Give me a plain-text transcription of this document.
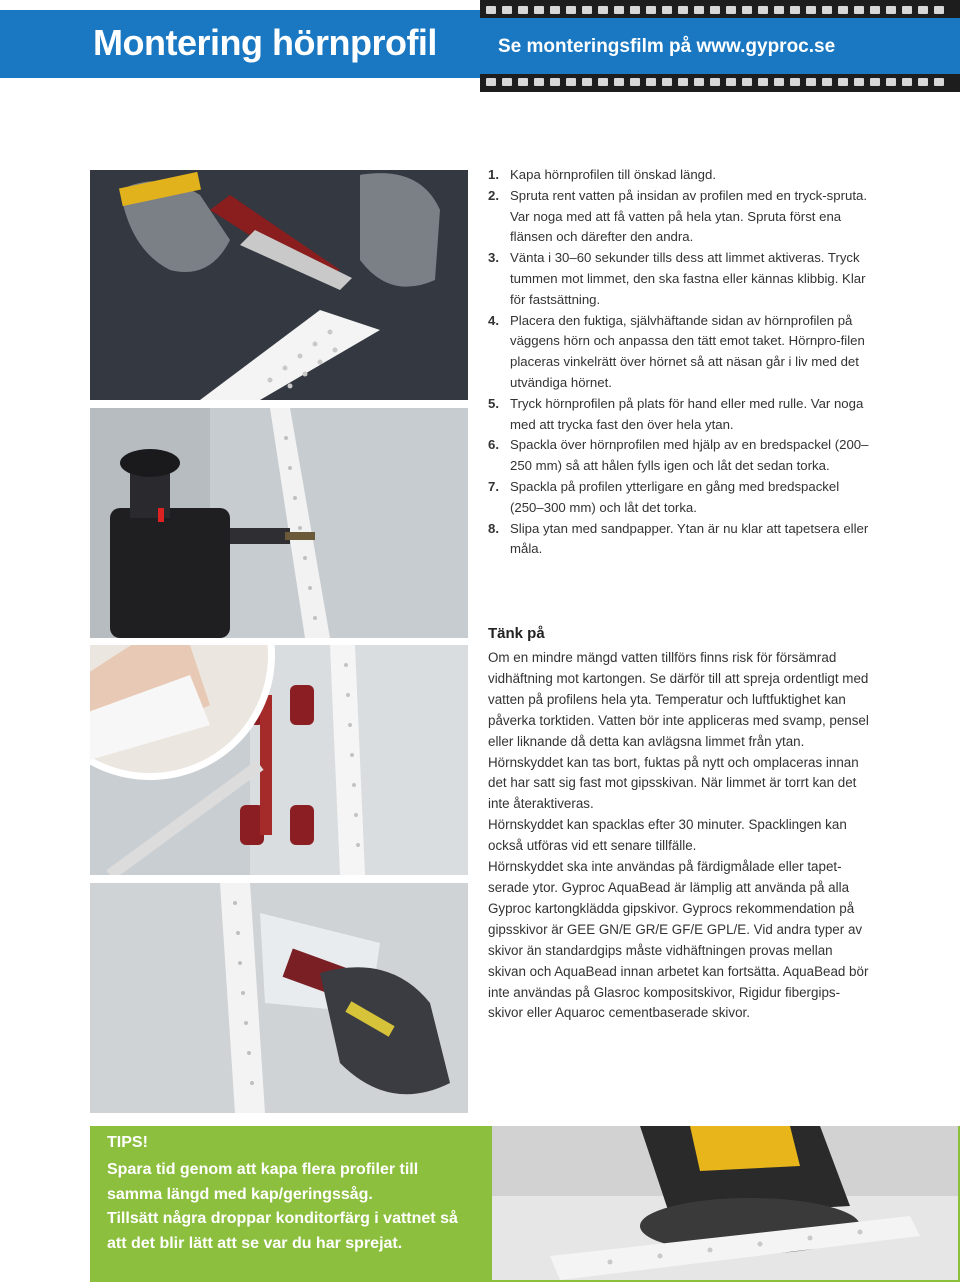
Montering hörnprofil	Se monteringsfilm på www.gyproc.se
1. Kapa hörnprofilen till önskad längd.
2. Spruta rent vatten på insidan av profilen med en tryck-spruta. Var noga med att få vatten på hela ytan. Spruta först ena flänsen och därefter den andra.
3. Vänta i 30–60 sekunder tills dess att limmet aktiveras. Tryck tummen mot limmet, den ska fastna eller kännas klibbig. Klar för fastsättning.
4. Placera den fuktiga, självhäftande sidan av hörnprofilen på väggens hörn och anpassa den tätt emot taket. Hörnpro-filen placeras vinkelrätt över hörnet så att näsan går i liv med det utvändiga hörnet.
5. Tryck hörnprofilen på plats för hand eller med rulle. Var noga med att trycka fast den över hela ytan.
6. Spackla över hörnprofilen med hjälp av en bredspackel (200–250 mm) så att hålen fylls igen och låt det sedan torka.
7. Spackla på profilen ytterligare en gång med bredspackel (250–300 mm) och låt det torka.
8. Slipa ytan med sandpapper. Ytan är nu klar att tapetsera eller måla.
Tänk på

Om en mindre mängd vatten tillförs finns risk för försämrad vidhäftning mot kartongen. Se därför till att spreja ordentligt med vatten på profilens hela yta. Temperatur och luftfuktighet kan påverka torktiden. Vatten bör inte appliceras med svamp, pensel eller liknande då detta kan avlägsna limmet från ytan. Hörnskyddet kan tas bort, fuktas på nytt och omplaceras innan det har satt sig fast mot gipsskivan. När limmet är torrt kan det inte återaktiveras.

Hörnskyddet kan spacklas efter 30 minuter. Spacklingen kan också utföras vid ett senare tillfälle.

Hörnskyddet ska inte användas på färdigmålade eller tapet-serade ytor. Gyproc AquaBead är lämplig att använda på alla Gyproc kartongklädda gipskivor. Gyprocs rekommendation på gipsskivor är GEE GN/E GR/E GF/E GPL/E. Vid andra typer av skivor än standardgips måste vidhäftningen provas mellan skivan och AquaBead innan arbetet kan fortsätta. AquaBead bör inte användas på Glasroc kompositskivor, Rigidur fibergips-skivor eller Aquaroc cementbaserade skivor.

TIPS!
Spara tid genom att kapa flera profiler till samma längd med kap/geringssåg.
Tillsätt några droppar konditorfärg i vattnet så att det blir lätt att se var du har sprejat.
